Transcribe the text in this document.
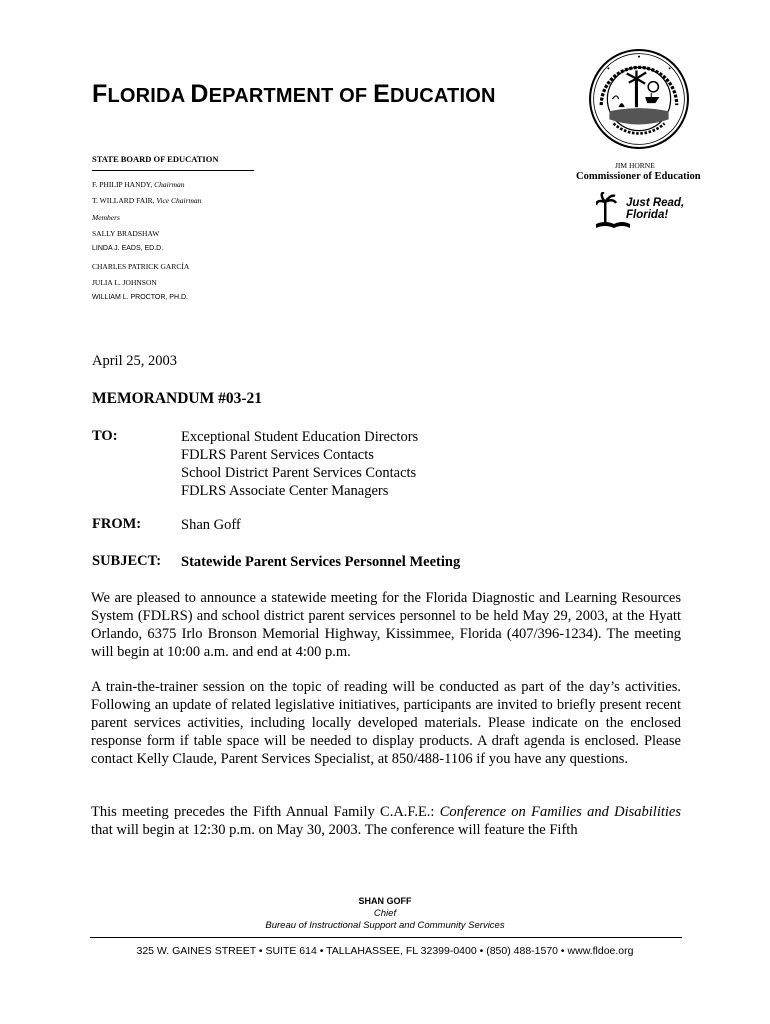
FLORIDA DEPARTMENT OF EDUCATION
STATE BOARD OF EDUCATION
F. PHILIP HANDY, Chairman
T. WILLARD FAIR, Vice Chairman
Members
SALLY BRADSHAW
LINDA J. EADS, ED.D.
CHARLES PATRICK GARCÍA
JULIA L. JOHNSON
WILLIAM L. PROCTOR, PH.D.
JIM HORNE
Commissioner of Education
Just Read, Florida!
April 25, 2003
MEMORANDUM #03-21
TO:	Exceptional Student Education Directors
FDLRS Parent Services Contacts
School District Parent Services Contacts
FDLRS Associate Center Managers
FROM:	Shan Goff
SUBJECT: Statewide Parent Services Personnel Meeting

We are pleased to announce a statewide meeting for the Florida Diagnostic and Learning Resources System (FDLRS) and school district parent services personnel to be held May 29, 2003, at the Hyatt Orlando, 6375 Irlo Bronson Memorial Highway, Kissimmee, Florida (407/396-1234). The meeting will begin at 10:00 a.m. and end at 4:00 p.m.

A train-the-trainer session on the topic of reading will be conducted as part of the day’s activities. Following an update of related legislative initiatives, participants are invited to briefly present recent parent services activities, including locally developed materials. Please indicate on the enclosed response form if table space will be needed to display products. A draft agenda is enclosed. Please contact Kelly Claude, Parent Services Specialist, at 850/488-1106 if you have any questions.

This meeting precedes the Fifth Annual Family C.A.F.E.: Conference on Families and Disabilities that will begin at 12:30 p.m. on May 30, 2003. The conference will feature the Fifth

SHAN GOFF
Chief
Bureau of Instructional Support and Community Services
325 W. GAINES STREET • SUITE 614 • TALLAHASSEE, FL 32399-0400 • (850) 488-1570 • www.fldoe.org
